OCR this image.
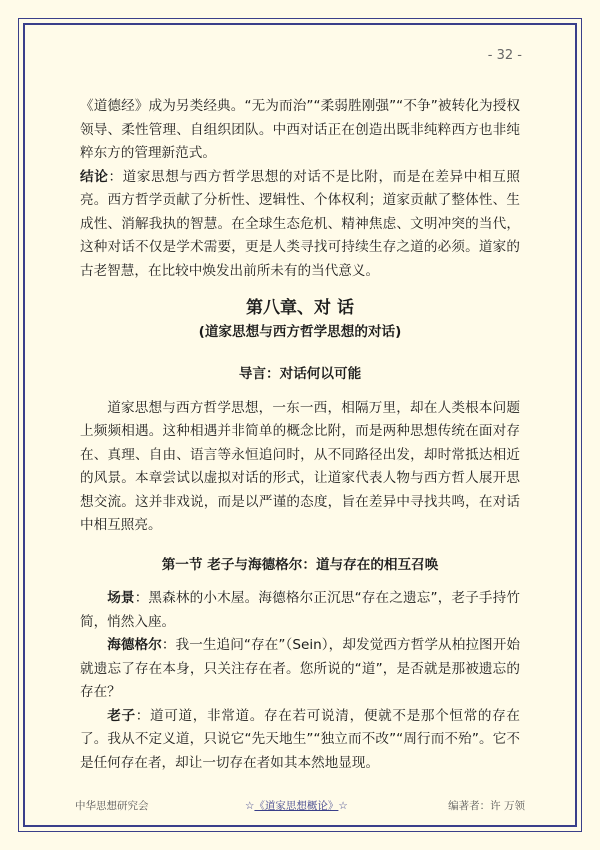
- 32 -

《道德经》成为另类经典。“无为而治”“柔弱胜刚强”“不争”被转化为授权领导、柔性管理、自组织团队。中西对话正在创造出既非纯粹西方也非纯粹东方的管理新范式。

结论：道家思想与西方哲学思想的对话不是比附，而是在差异中相互照亮。西方哲学贡献了分析性、逻辑性、个体权利；道家贡献了整体性、生成性、消解我执的智慧。在全球生态危机、精神焦虑、文明冲突的当代，这种对话不仅是学术需要，更是人类寻找可持续生存之道的必须。道家的古老智慧，在比较中焕发出前所未有的当代意义。

第八章、对 话
(道家思想与西方哲学思想的对话)
导言：对话何以可能

道家思想与西方哲学思想，一东一西，相隔万里，却在人类根本问题上频频相遇。这种相遇并非简单的概念比附，而是两种思想传统在面对存在、真理、自由、语言等永恒追问时，从不同路径出发，却时常抵达相近的风景。本章尝试以虚拟对话的形式，让道家代表人物与西方哲人展开思想交流。这并非戏说，而是以严谨的态度，旨在差异中寻找共鸣，在对话中相互照亮。

第一节 老子与海德格尔：道与存在的相互召唤

场景：黑森林的小木屋。海德格尔正沉思“存在之遗忘”，老子手持竹简，悄然入座。

海德格尔：我一生追问“存在”（Sein），却发觉西方哲学从柏拉图开始就遗忘了存在本身，只关注存在者。您所说的“道”，是否就是那被遗忘的存在？

老子：道可道，非常道。存在若可说清，便就不是那个恒常的存在了。我从不定义道，只说它“先天地生”“独立而不改”“周行而不殆”。它不是任何存在者，却让一切存在者如其本然地显现。

中华思想研究会	☆《道家思想概论》☆	编著者：许 万领
